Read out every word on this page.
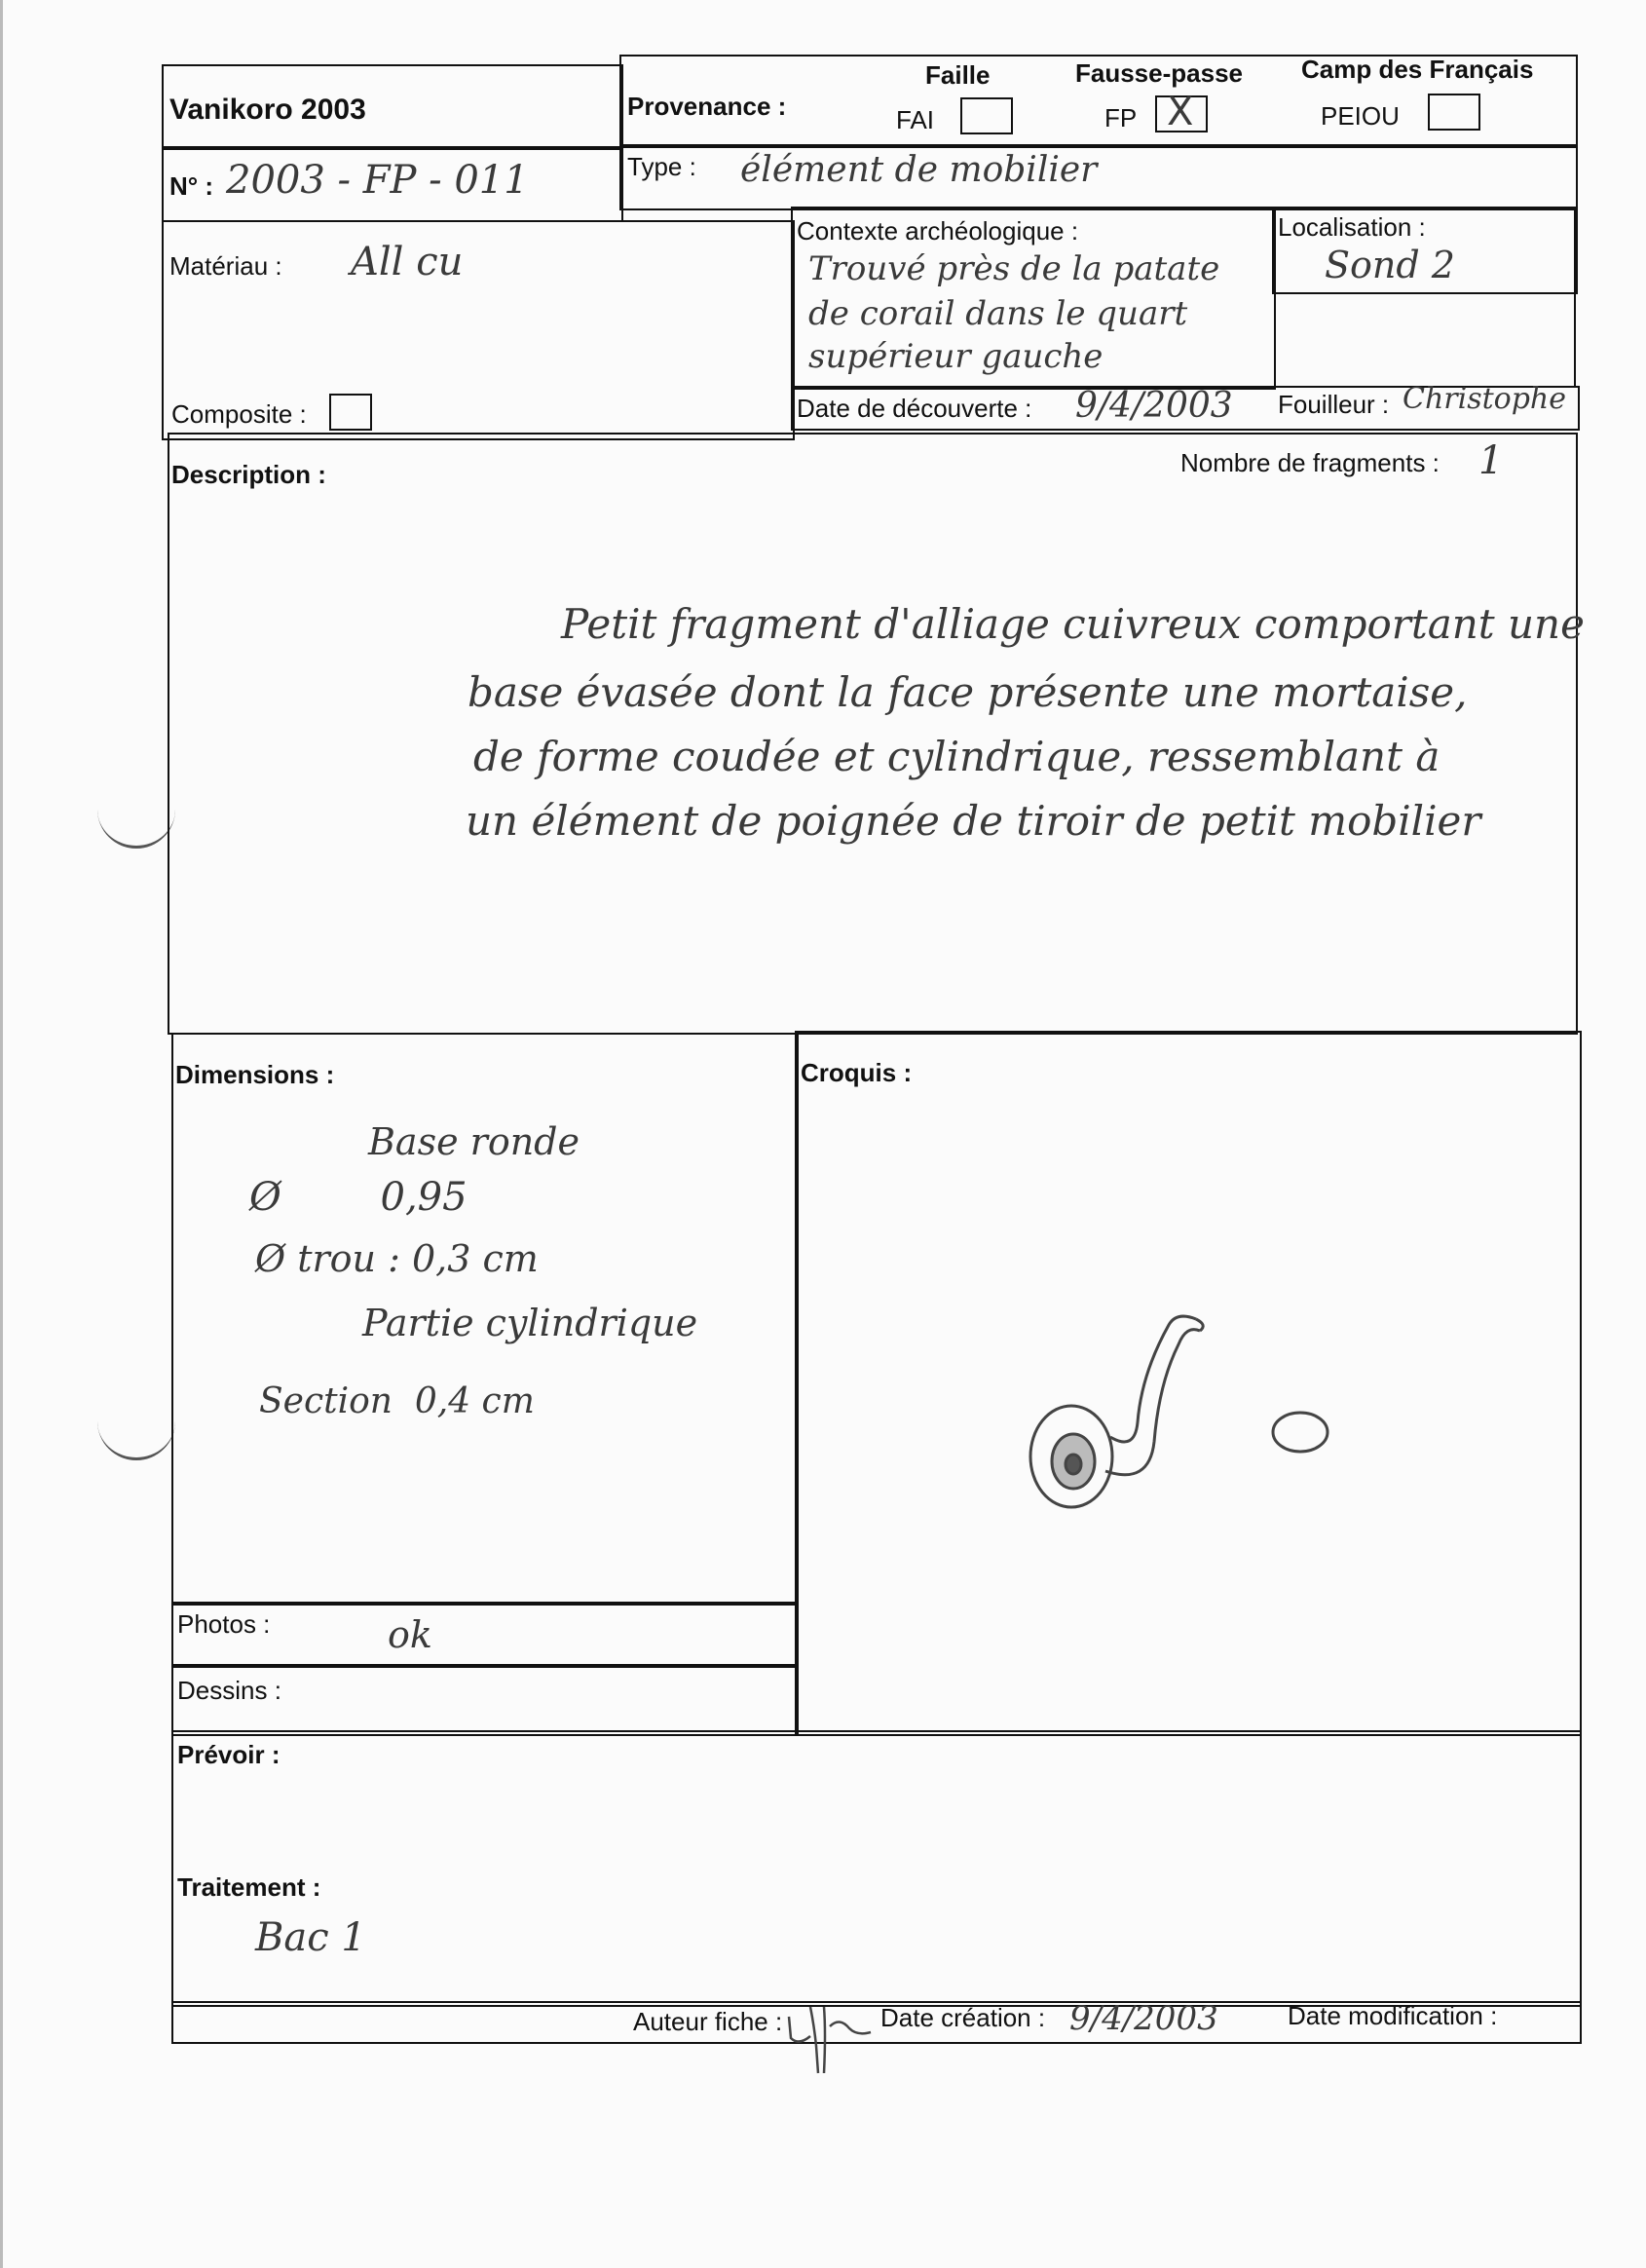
Vanikoro 2003	Provenance :
Faille
FAI
Fausse-passe
FP X
Camp des Français
PEIOU
N° : 2003 - FP - 011	Type : élément de mobilier
Matériau : All cu
Composite :
Contexte archéologique :
Trouvé près de la patate
de corail dans le quart
supérieur gauche
Localisation :
Sond 2
Date de découverte : 9/4/2003 Fouilleur : Christophe
Description :	Nombre de fragments : 1
Petit fragment d'alliage cuivreux comportant une
base évasée dont la face présente une mortaise,
de forme coudée et cylindrique, ressemblant à
un élément de poignée de tiroir de petit mobilier
Dimensions :
Base ronde
Ø        0,95
Ø trou : 0,3 cm
Partie cylindrique
Section  0,4 cm
Croquis :
Photos :	ok
Dessins :
Prévoir :
Traitement :
Bac 1
Auteur fiche :	Date création : 9/4/2003	Date modification :
